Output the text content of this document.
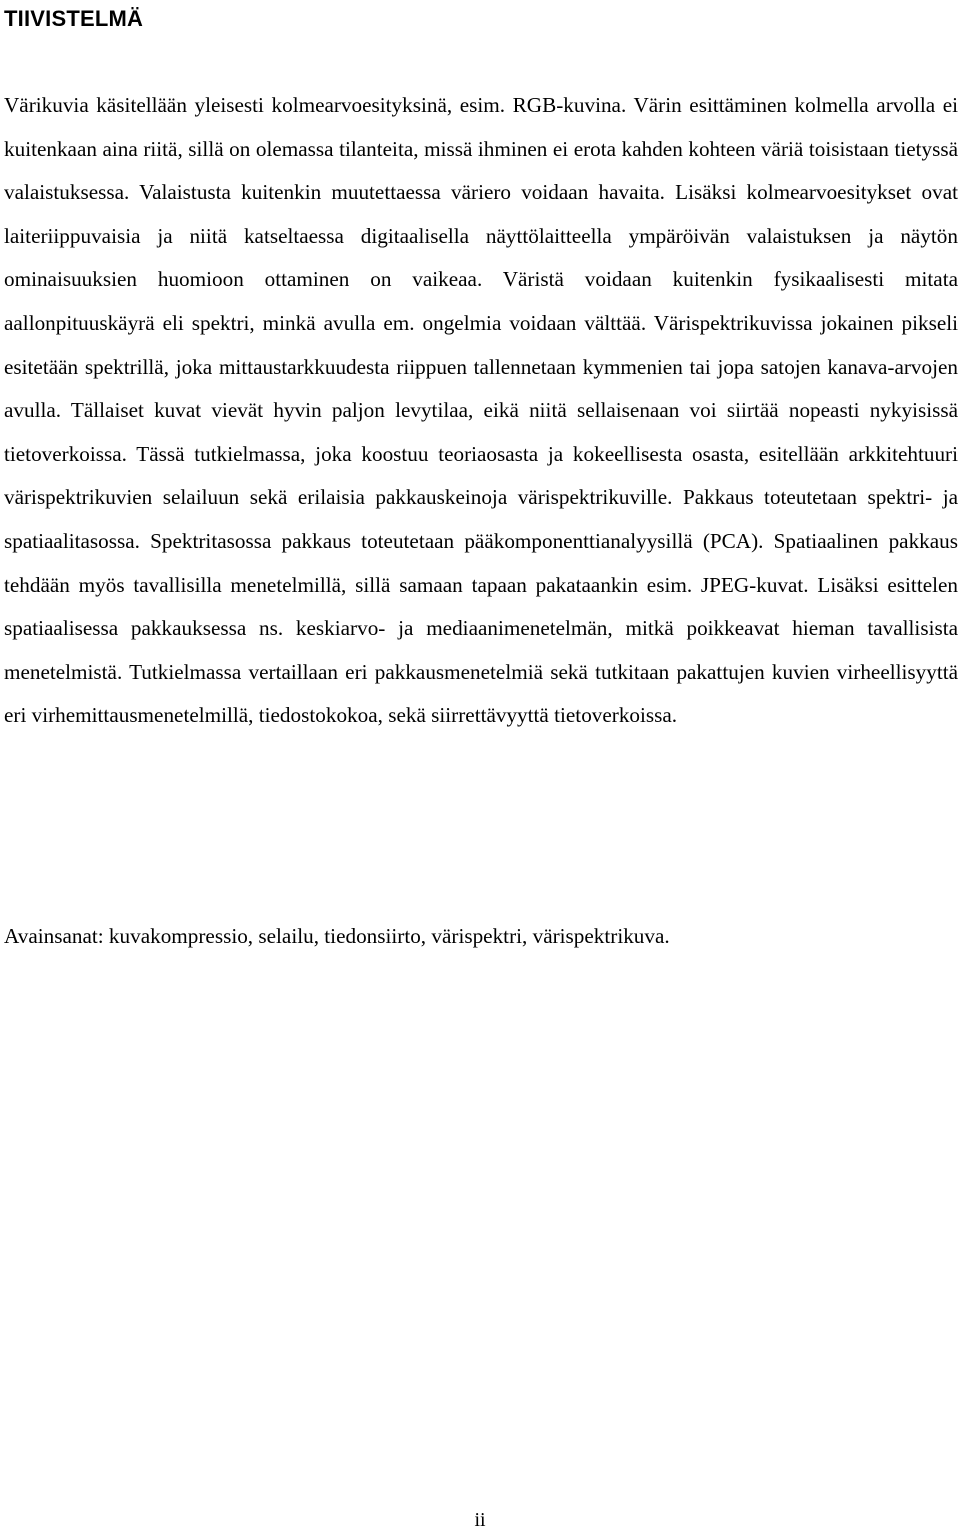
TIIVISTELMÄ

Värikuvia käsitellään yleisesti kolmearvoesityksinä, esim. RGB-kuvina. Värin esittäminen kolmella arvolla ei kuitenkaan aina riitä, sillä on olemassa tilanteita, missä ihminen ei erota kahden kohteen väriä toisistaan tietyssä valaistuksessa. Valaistusta kuitenkin muutettaessa väriero voidaan havaita. Lisäksi kolmearvoesitykset ovat laiteriippuvaisia ja niitä katseltaessa digitaalisella näyttölaitteella ympäröivän valaistuksen ja näytön ominaisuuksien huomioon ottaminen on vaikeaa. Väristä voidaan kuitenkin fysikaalisesti mitata aallonpituuskäyrä eli spektri, minkä avulla em. ongelmia voidaan välttää. Värispektrikuvissa jokainen pikseli esitetään spektrillä, joka mittaustarkkuudesta riippuen tallennetaan kymmenien tai jopa satojen kanava-arvojen avulla. Tällaiset kuvat vievät hyvin paljon levytilaa, eikä niitä sellaisenaan voi siirtää nopeasti nykyisissä tietoverkoissa. Tässä tutkielmassa, joka koostuu teoriaosasta ja kokeellisesta osasta, esitellään arkkitehtuuri värispektrikuvien selailuun sekä erilaisia pakkauskeinoja värispektrikuville. Pakkaus toteutetaan spektri- ja spatiaalitasossa. Spektritasossa pakkaus toteutetaan pääkomponenttianalyysillä (PCA). Spatiaalinen pakkaus tehdään myös tavallisilla menetelmillä, sillä samaan tapaan pakataankin esim. JPEG-kuvat. Lisäksi esittelen spatiaalisessa pakkauksessa ns. keskiarvo- ja mediaanimenetelmän, mitkä poikkeavat hieman tavallisista menetelmistä. Tutkielmassa vertaillaan eri pakkausmenetelmiä sekä tutkitaan pakattujen kuvien virheellisyyttä eri virhemittausmenetelmillä, tiedostokokoa, sekä siirrettävyyttä tietoverkoissa.

Avainsanat: kuvakompressio, selailu, tiedonsiirto, värispektri, värispektrikuva.

ii
